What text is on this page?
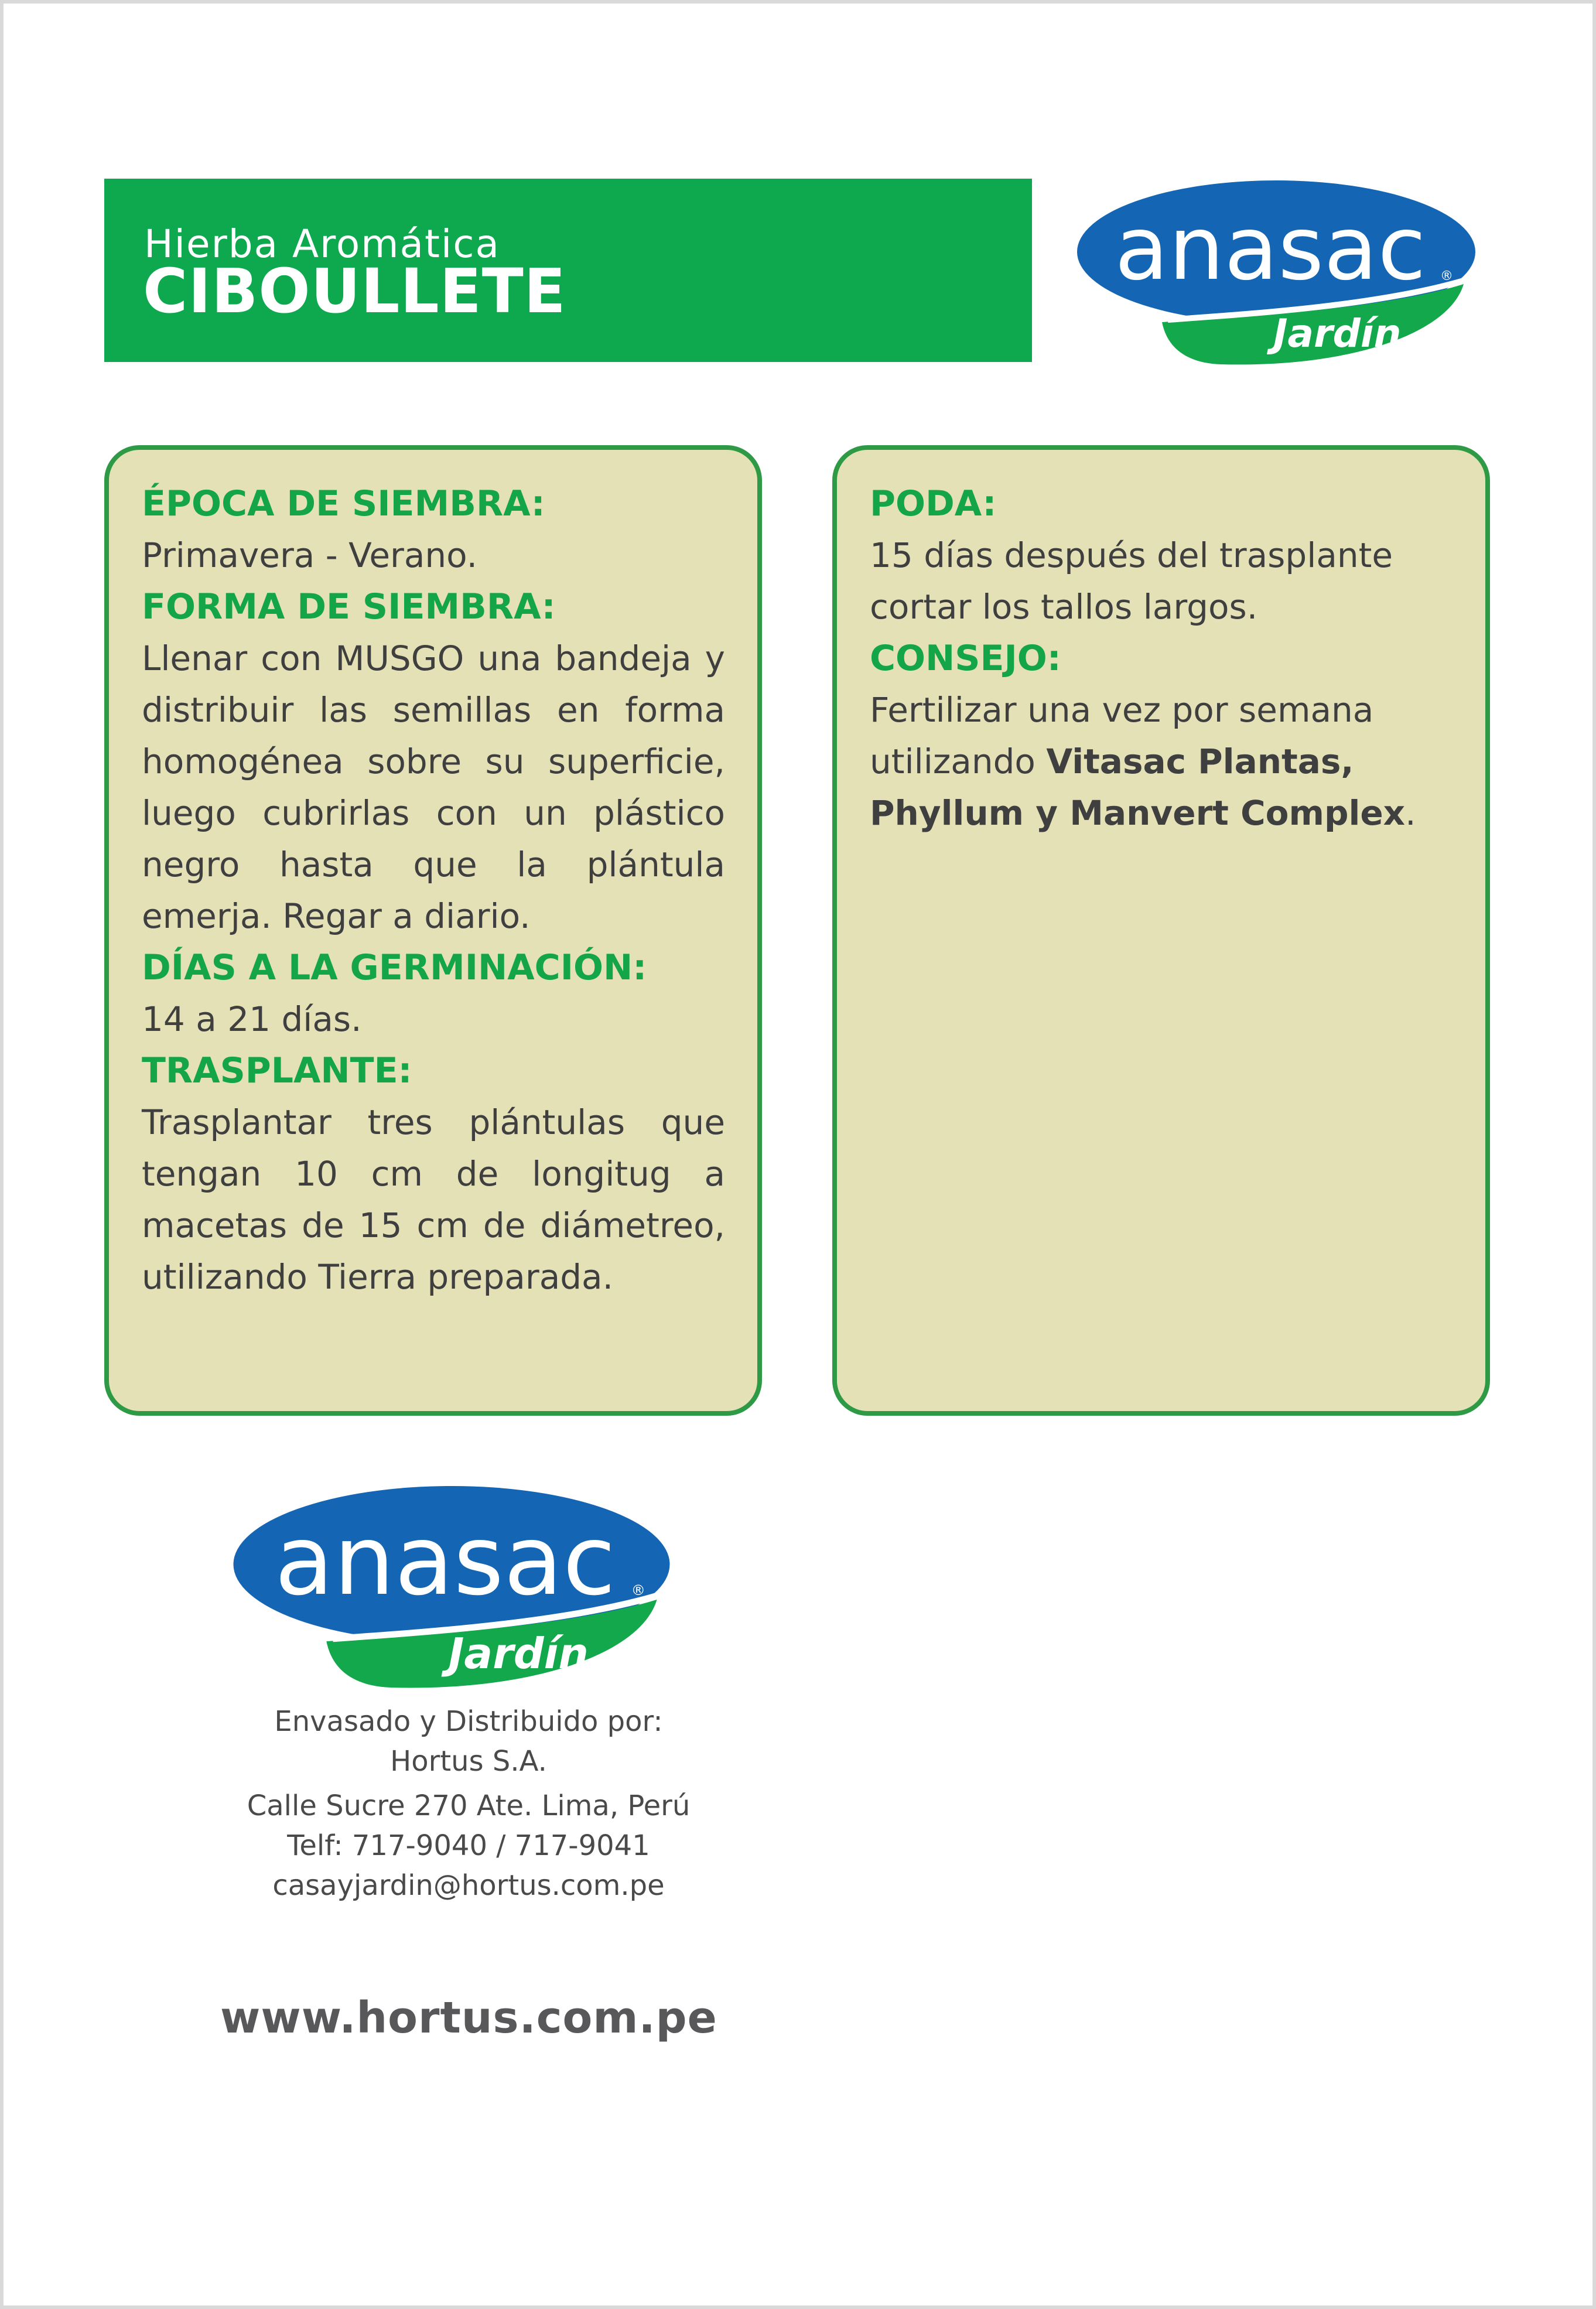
Hierba Aromática
CIBOULLETE	anasac ®
Jardín
ÉPOCA DE SIEMBRA:
Primavera - Verano.
FORMA DE SIEMBRA:
Llenar con MUSGO una bandeja y distribuir las semillas en forma homogénea sobre su superficie, luego cubrirlas con un plástico negro hasta que la plántula emerja. Regar a diario.
DÍAS A LA GERMINACIÓN:
14 a 21 días.
TRASPLANTE:
Trasplantar tres plántulas que tengan 10 cm de longitug a macetas de 15 cm de diámetreo, utilizando Tierra preparada.
PODA:
15 días después del trasplante cortar los tallos largos.
CONSEJO:
Fertilizar una vez por semana utilizando Vitasac Plantas, Phyllum y Manvert Complex.
anasac ®
Jardín
Envasado y Distribuido por:
Hortus S.A.
Calle Sucre 270 Ate. Lima, Perú
Telf: 717-9040 / 717-9041
casayjardin@hortus.com.pe
www.hortus.com.pe
